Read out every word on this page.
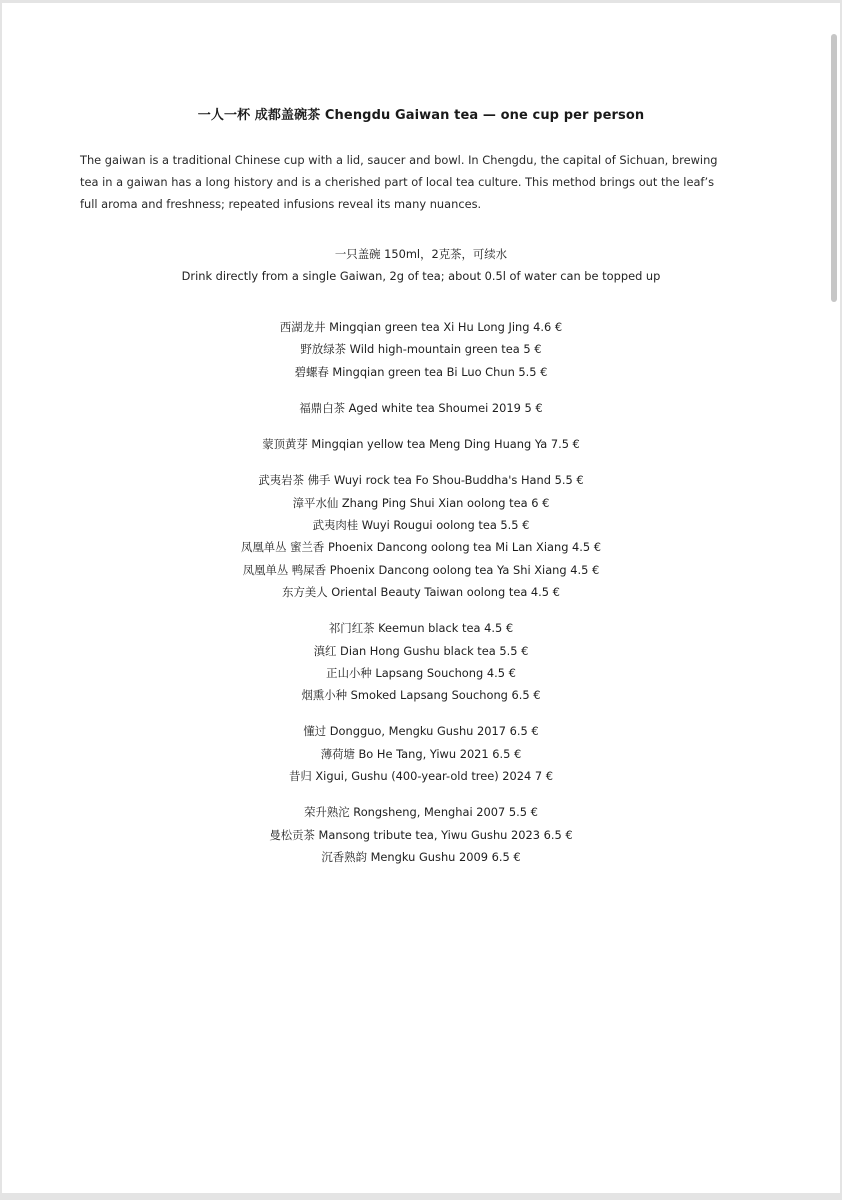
一人一杯 成都盖碗茶 Chengdu Gaiwan tea — one cup per person

The gaiwan is a traditional Chinese cup with a lid, saucer and bowl. In Chengdu, the capital of Sichuan, brewing

tea in a gaiwan has a long history and is a cherished part of local tea culture. This method brings out the leaf’s

full aroma and freshness; repeated infusions reveal its many nuances.

一只盖碗 150ml，2克茶，可续水
Drink directly from a single Gaiwan, 2g of tea; about 0.5l of water can be topped up
西湖龙井 Mingqian green tea Xi Hu Long Jing 4.6 €
野放绿茶 Wild high-mountain green tea 5 €
碧螺春 Mingqian green tea Bi Luo Chun 5.5 €
福鼎白茶 Aged white tea Shoumei 2019 5 €
蒙顶黄芽 Mingqian yellow tea Meng Ding Huang Ya 7.5 €
武夷岩茶 佛手 Wuyi rock tea Fo Shou-Buddha's Hand 5.5 €
漳平水仙 Zhang Ping Shui Xian oolong tea 6 €
武夷肉桂 Wuyi Rougui oolong tea 5.5 €
凤凰单丛 蜜兰香 Phoenix Dancong oolong tea Mi Lan Xiang 4.5 €
凤凰单丛 鸭屎香 Phoenix Dancong oolong tea Ya Shi Xiang 4.5 €
东方美人 Oriental Beauty Taiwan oolong tea 4.5 €
祁门红茶 Keemun black tea 4.5 €
滇红 Dian Hong Gushu black tea 5.5 €
正山小种 Lapsang Souchong 4.5 €
烟熏小种 Smoked Lapsang Souchong 6.5 €
懂过 Dongguo, Mengku Gushu 2017 6.5 €
薄荷塘 Bo He Tang, Yiwu 2021 6.5 €
昔归 Xigui, Gushu (400-year-old tree) 2024 7 €
荣升熟沱 Rongsheng, Menghai 2007 5.5 €
曼松贡茶 Mansong tribute tea, Yiwu Gushu 2023 6.5 €
沉香熟韵 Mengku Gushu 2009 6.5 €
